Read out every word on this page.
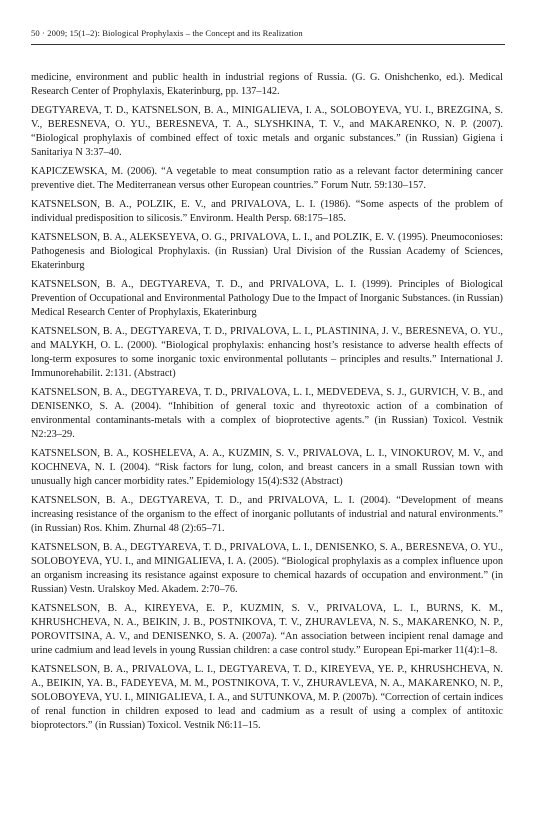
50 · 2009; 15(1–2): Biological Prophylaxis – the Concept and its Realization

medicine, environment and public health in industrial regions of Russia. (G. G. Onishchenko, ed.). Medical Research Center of Prophylaxis, Ekaterinburg, pp. 137–142.

DEGTYAREVA, T. D., KATSNELSON, B. A., MINIGALIEVA, I. A., SOLOBOYEVA, YU. I., BREZGINA, S. V., BERESNEVA, O. YU., BERESNEVA, T. A., SLYSHKINA, T. V., and MAKARENKO, N. P. (2007). “Biological prophylaxis of combined effect of toxic metals and organic substances.” (in Russian) Gigiena i Sanitariya N 3:37–40.

KAPICZEWSKA, M. (2006). “A vegetable to meat consumption ratio as a relevant factor determining cancer preventive diet. The Mediterranean versus other European countries.” Forum Nutr. 59:130–157.

KATSNELSON, B. A., POLZIK, E. V., and PRIVALOVA, L. I. (1986). “Some aspects of the problem of individual predisposition to silicosis.” Environm. Health Persp. 68:175–185.

KATSNELSON, B. A., ALEKSEYEVA, O. G., PRIVALOVA, L. I., and POLZIK, E. V. (1995). Pneumoconioses: Pathogenesis and Biological Prophylaxis. (in Russian) Ural Division of the Russian Academy of Sciences, Ekaterinburg

KATSNELSON, B. A., DEGTYAREVA, T. D., and PRIVALOVA, L. I. (1999). Principles of Biological Prevention of Occupational and Environmental Pathology Due to the Impact of Inorganic Substances. (in Russian) Medical Research Center of Prophylaxis, Ekaterinburg

KATSNELSON, B. A., DEGTYAREVA, T. D., PRIVALOVA, L. I., PLASTININA, J. V., BERESNEVA, O. YU., and MALYKH, O. L. (2000). “Biological prophylaxis: enhancing host’s resistance to adverse health effects of long-term exposures to some inorganic toxic environmental pollutants – principles and results.” International J. Immunorehabilit. 2:131. (Abstract)

KATSNELSON, B. A., DEGTYAREVA, T. D., PRIVALOVA, L. I., MEDVEDEVA, S. J., GURVICH, V. B., and DENISENKO, S. A. (2004). “Inhibition of general toxic and thyreotoxic action of a combination of environmental contaminants-metals with a complex of bioprotective agents.” (in Russian) Toxicol. Vestnik N2:23–29.

KATSNELSON, B. A., KOSHELEVA, A. A., KUZMIN, S. V., PRIVALOVA, L. I., VINOKUROV, M. V., and KOCHNEVA, N. I. (2004). “Risk factors for lung, colon, and breast cancers in a small Russian town with unusually high cancer morbidity rates.” Epidemiology 15(4):S32 (Abstract)

KATSNELSON, B. A., DEGTYAREVA, T. D., and PRIVALOVA, L. I. (2004). “Development of means increasing resistance of the organism to the effect of inorganic pollutants of industrial and natural environments.” (in Russian) Ros. Khim. Zhurnal 48 (2):65–71.

KATSNELSON, B. A., DEGTYAREVA, T. D., PRIVALOVA, L. I., DENISENKO, S. A., BERESNEVA, O. YU., SOLOBOYEVA, YU. I., and MINIGALIEVA, I. A. (2005). “Biological prophylaxis as a complex influence upon an organism increasing its resistance against exposure to chemical hazards of occupation and environment.” (in Russian) Vestn. Uralskoy Med. Akadem. 2:70–76.

KATSNELSON, B. A., KIREYEVA, E. P., KUZMIN, S. V., PRIVALOVA, L. I., BURNS, K. M., KHRUSHCHEVA, N. A., BEIKIN, J. B., POSTNIKOVA, T. V., ZHURAVLEVA, N. S., MAKARENKO, N. P., POROVITSINA, A. V., and DENISENKO, S. A. (2007a). “An association between incipient renal damage and urine cadmium and lead levels in young Russian children: a case control study.” European Epi-marker 11(4):1–8.

KATSNELSON, B. A., PRIVALOVA, L. I., DEGTYAREVA, T. D., KIREYEVA, YE. P., KHRUSHCHEVA, N. A., BEIKIN, YA. B., FADEYEVA, M. M., POSTNIKOVA, T. V., ZHURAVLEVA, N. A., MAKARENKO, N. P., SOLOBOYEVA, YU. I., MINIGALIEVA, I. A., and SUTUNKOVA, M. P. (2007b). “Correction of certain indices of renal function in children exposed to lead and cadmium as a result of using a complex of antitoxic bioprotectors.” (in Russian) Toxicol. Vestnik N6:11–15.
